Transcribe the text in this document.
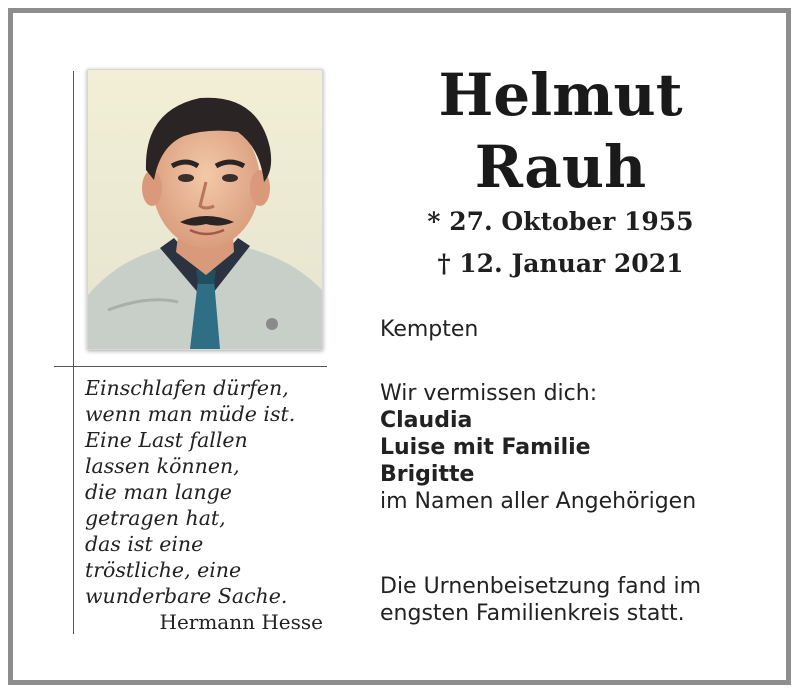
Einschlafen dürfen,
wenn man müde ist.
Eine Last fallen
lassen können,
die man lange
getragen hat,
das ist eine
tröstliche, eine
wunderbare Sache.
Hermann Hesse
Helmut
Rauh
* 27. Oktober 1955
† 12. Januar 2021
Kempten
Wir vermissen dich:
Claudia
Luise mit Familie
Brigitte
im Namen aller Angehörigen
Die Urnenbeisetzung fand im
engsten Familienkreis statt.
